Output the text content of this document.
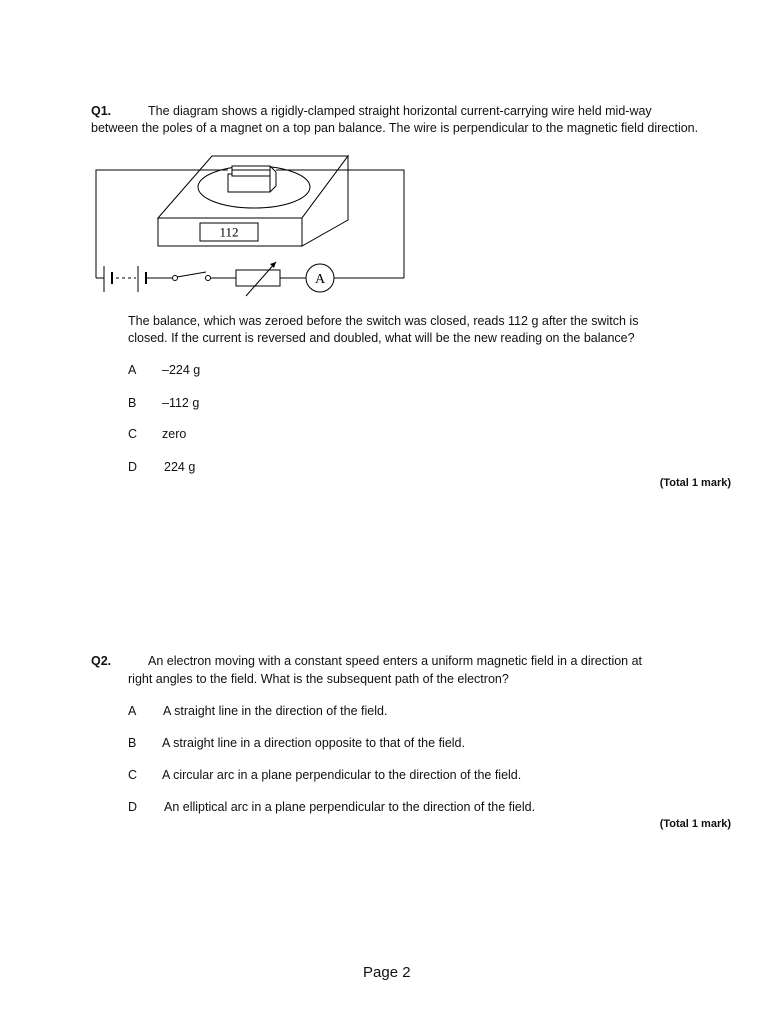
Q1.	The diagram shows a rigidly-clamped straight horizontal current-carrying wire held mid-way
between the poles of a magnet on a top pan balance. The wire is perpendicular to the magnetic field direction.
112
A
The balance, which was zeroed before the switch was closed, reads 112 g after the switch is
closed. If the current is reversed and doubled, what will be the new reading on the balance?
A –224 g
B –112 g
C zero
D 224 g
(Total 1 mark)
Q2.	An electron moving with a constant speed enters a uniform magnetic field in a direction at
right angles to the field. What is the subsequent path of the electron?
A A straight line in the direction of the field.
B A straight line in a direction opposite to that of the field.
C A circular arc in a plane perpendicular to the direction of the field.
D An elliptical arc in a plane perpendicular to the direction of the field.
(Total 1 mark)
Page 2
